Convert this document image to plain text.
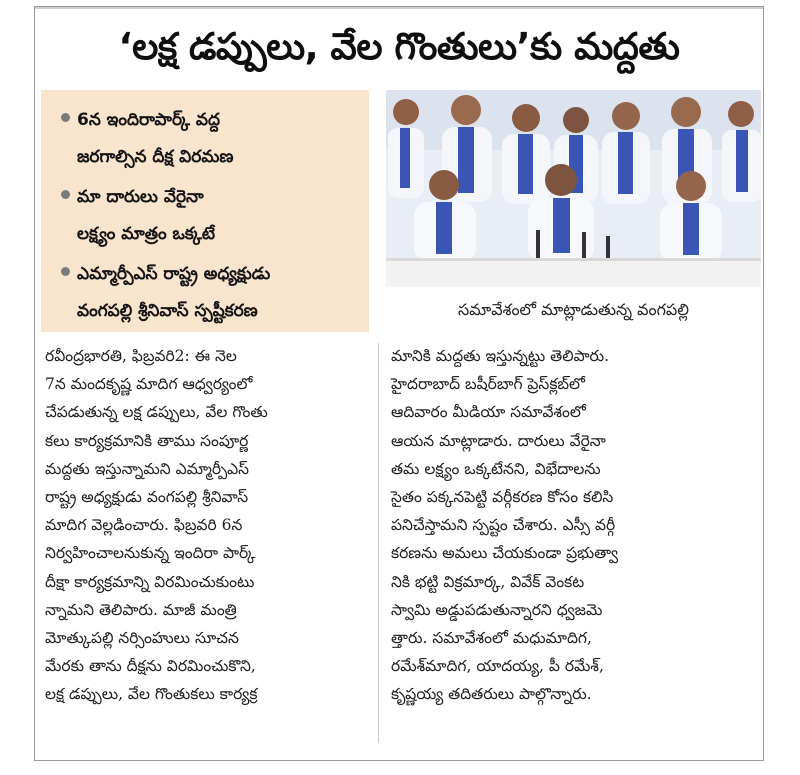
‘లక్ష డప్పులు, వేల గొంతులు’కు మద్దతు
6న ఇందిరాపార్క్ వద్ద
జరగాల్సిన దీక్ష విరమణ
మా దారులు వేరైనా
లక్ష్యం మాత్రం ఒక్కటే
ఎమ్మార్పీఎస్ రాష్ట్ర అధ్యక్షుడు
వంగపల్లి శ్రీనివాస్ స్పష్టీకరణ	సమావేశంలో మాట్లాడుతున్న వంగపల్లి
రవీంద్రభారతి, ఫిబ్రవరి2: ఈ నెల
7న మందకృష్ణ మాదిగ ఆధ్వర్యంలో
చేపడుతున్న లక్ష డప్పులు, వేల గొంతు
కలు కార్యక్రమానికి తాము సంపూర్ణ
మద్దతు ఇస్తున్నామని ఎమ్మార్పీఎస్
రాష్ట్ర అధ్యక్షుడు వంగపల్లి శ్రీనివాస్
మాదిగ వెల్లడించారు. ఫిబ్రవరి 6న
నిర్వహించాలనుకున్న ఇందిరా పార్క్
దీక్షా కార్యక్రమాన్ని విరమించుకుంటు
న్నామని తెలిపారు. మాజీ మంత్రి
మోత్కుపల్లి నర్సింహులు సూచన
మేరకు తాను దీక్షను విరమించుకొని,
లక్ష డప్పులు, వేల గొంతుకలు కార్యక్ర
మానికి మద్దతు ఇస్తున్నట్టు తెలిపారు.
హైదరాబాద్ బషీర్‌బాగ్ ప్రెస్‌క్లబ్‌లో
ఆదివారం మీడియా సమావేశంలో
ఆయన మాట్లాడారు. దారులు వేరైనా
తమ లక్ష్యం ఒక్కటేనని, విభేదాలను
సైతం పక్కనపెట్టి వర్గీకరణ కోసం కలిసి
పనిచేస్తామని స్పష్టం చేశారు. ఎస్సీ వర్గీ
కరణను అమలు చేయకుండా ప్రభుత్వా
నికి భట్టి విక్రమార్క, వివేక్ వెంకట
స్వామి అడ్డుపడుతున్నారని ధ్వజమె
త్తారు. సమావేశంలో మధుమాదిగ,
రమేశ్‌మాదిగ, యాదయ్య, పీ రమేశ్,
కృష్ణయ్య తదితరులు పాల్గొన్నారు.
